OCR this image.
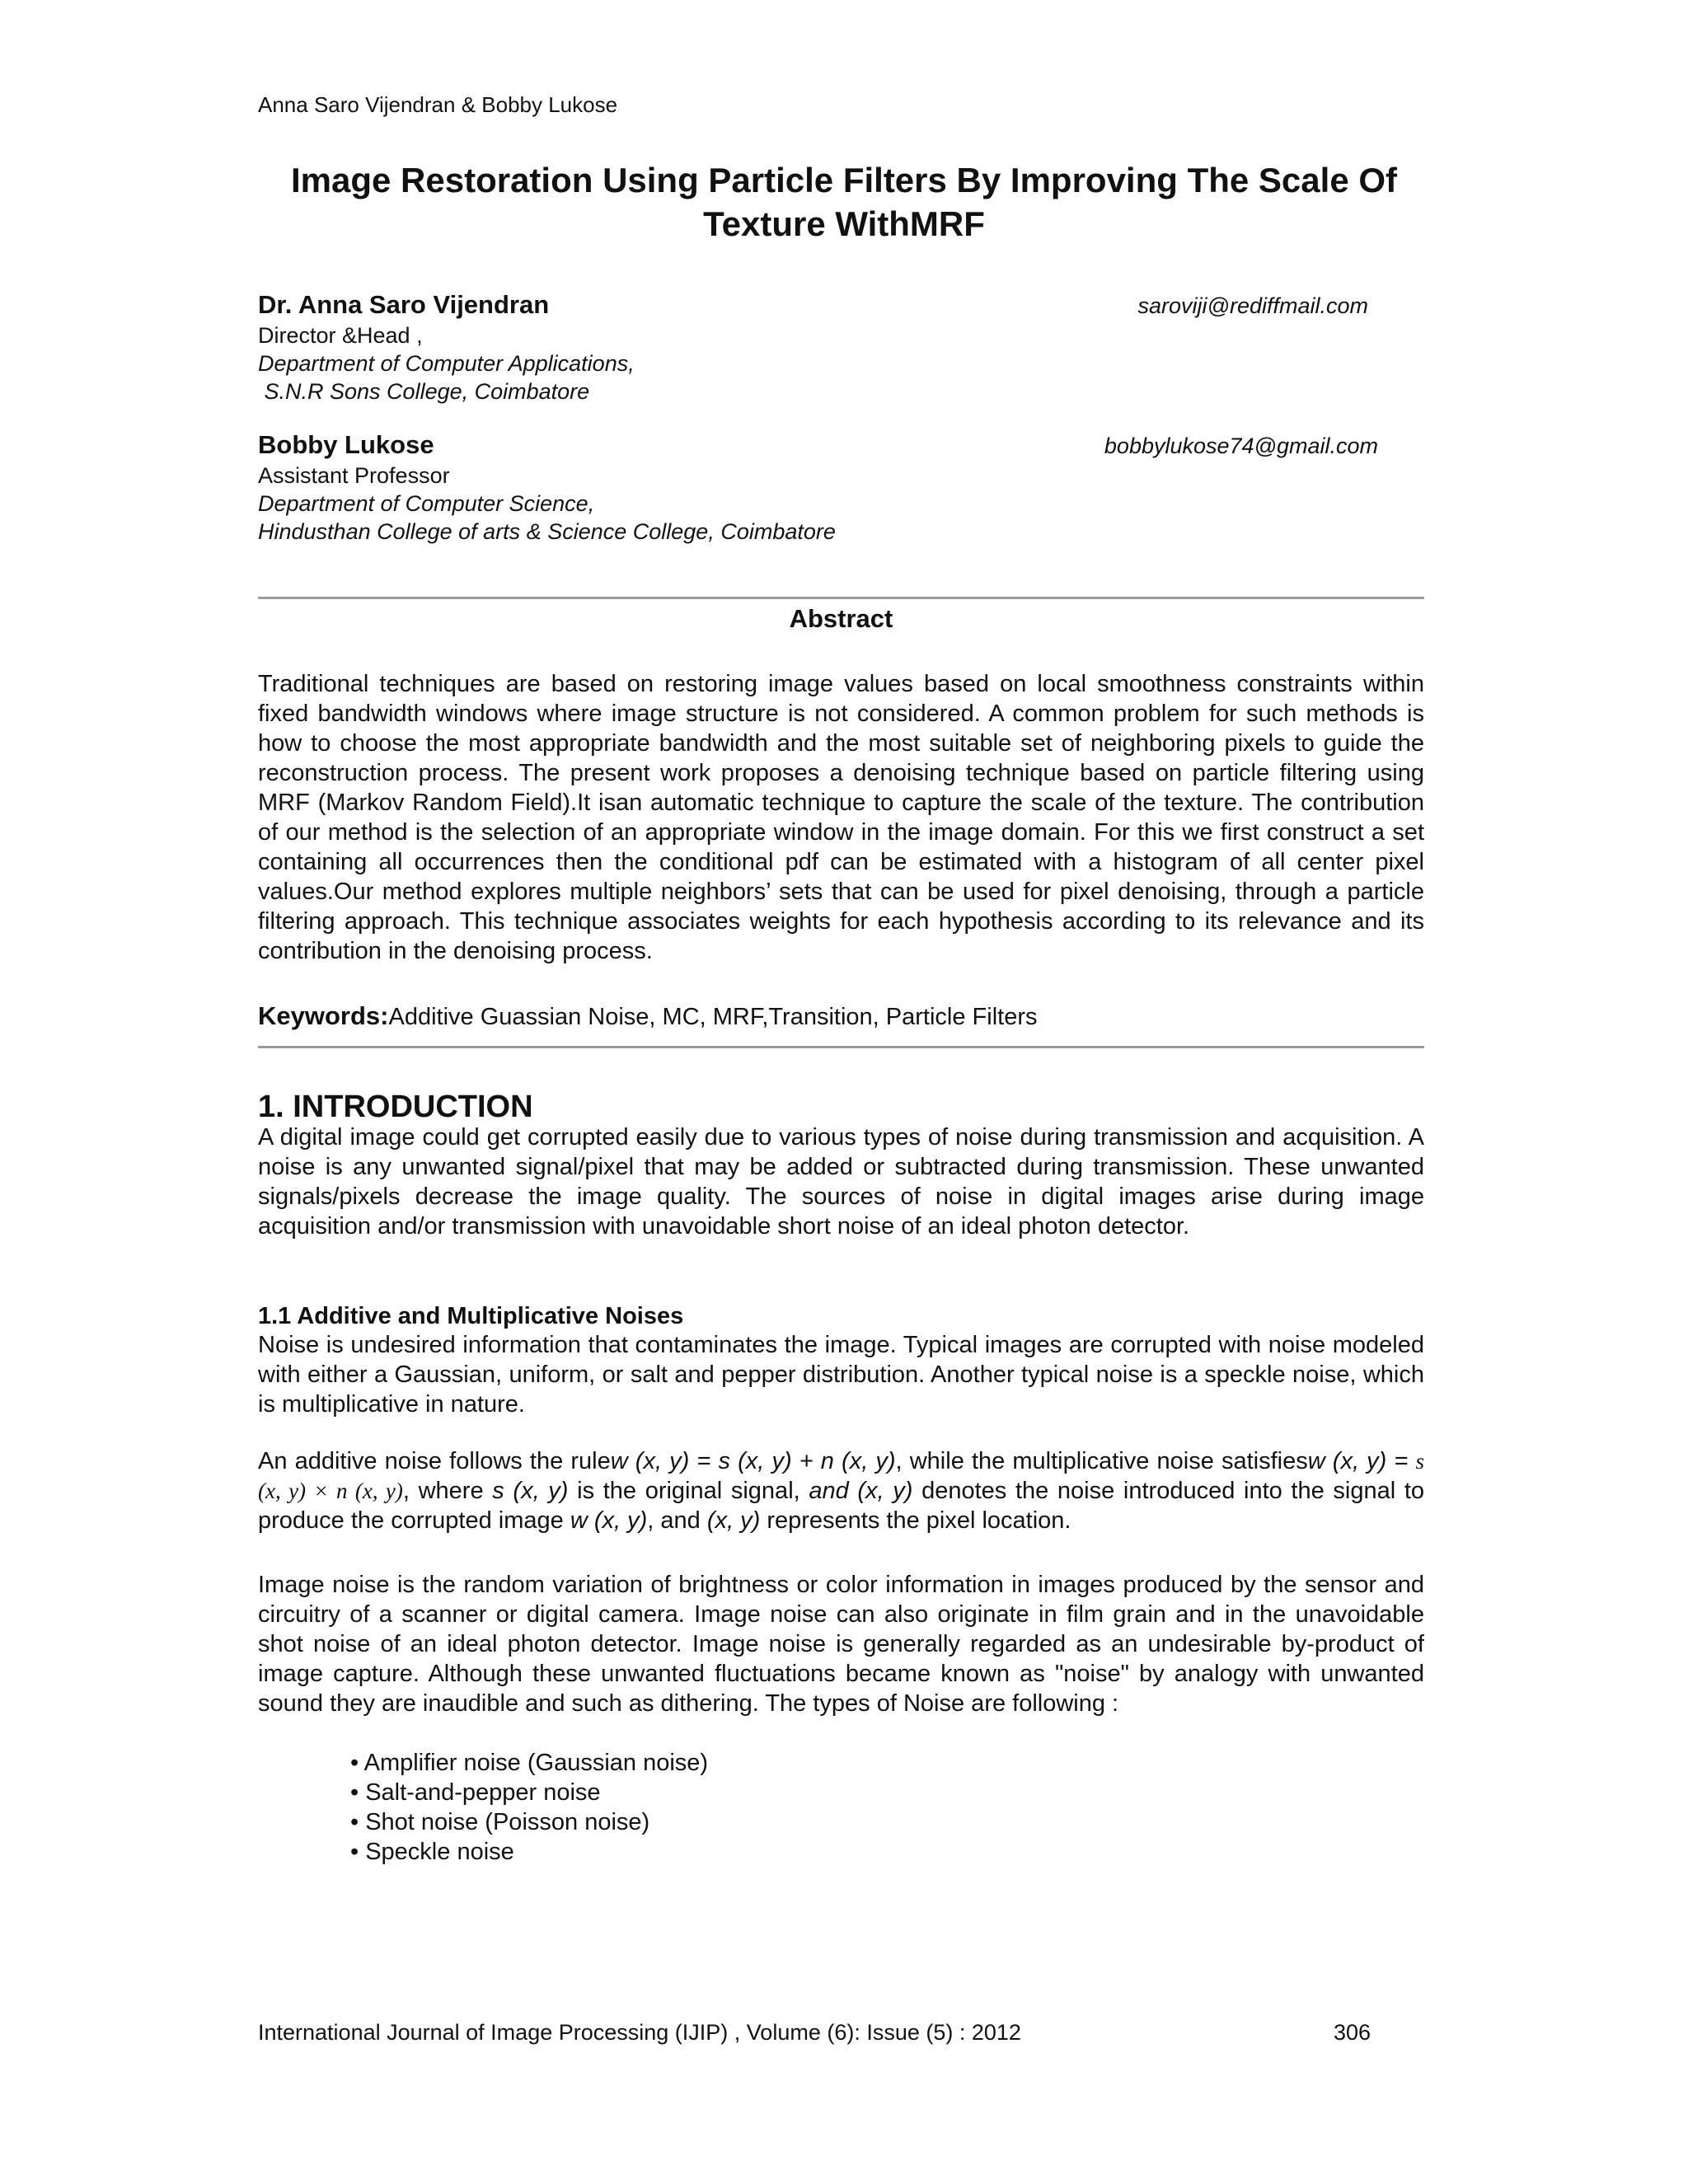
Anna Saro Vijendran & Bobby Lukose
Image Restoration Using Particle Filters By Improving The Scale Of
Texture WithMRF
Dr. Anna Saro Vijendran	saroviji@rediffmail.com
Director &Head ,
Department of Computer Applications,
S.N.R Sons College, Coimbatore
Bobby Lukose	bobbylukose74@gmail.com
Assistant Professor
Department of Computer Science,
Hindusthan College of arts & Science College, Coimbatore
Abstract
Traditional techniques are based on restoring image values based on local smoothness constraints within fixed bandwidth windows where image structure is not considered. A common problem for such methods is how to choose the most appropriate bandwidth and the most suitable set of neighboring pixels to guide the reconstruction process. The present work proposes a denoising technique based on particle filtering using MRF (Markov Random Field).It isan automatic technique to capture the scale of the texture. The contribution of our method is the selection of an appropriate window in the image domain. For this we first construct a set containing all occurrences then the conditional pdf can be estimated with a histogram of all center pixel values.Our method explores multiple neighbors’ sets that can be used for pixel denoising, through a particle filtering approach. This technique associates weights for each hypothesis according to its relevance and its contribution in the denoising process.
Keywords:Additive Guassian Noise, MC, MRF,Transition, Particle Filters
1. INTRODUCTION
A digital image could get corrupted easily due to various types of noise during transmission and acquisition. A noise is any unwanted signal/pixel that may be added or subtracted during transmission. These unwanted signals/pixels decrease the image quality. The sources of noise in digital images arise during image acquisition and/or transmission with unavoidable short noise of an ideal photon detector.
1.1 Additive and Multiplicative Noises
Noise is undesired information that contaminates the image. Typical images are corrupted with noise modeled with either a Gaussian, uniform, or salt and pepper distribution. Another typical noise is a speckle noise, which is multiplicative in nature.
An additive noise follows the rulew (x, y) = s (x, y) + n (x, y), while the multiplicative noise satisfiesw (x, y) = s (x, y) × n (x, y), where s (x, y) is the original signal, and (x, y) denotes the noise introduced into the signal to produce the corrupted image w (x, y), and (x, y) represents the pixel location.
Image noise is the random variation of brightness or color information in images produced by the sensor and circuitry of a scanner or digital camera. Image noise can also originate in film grain and in the unavoidable shot noise of an ideal photon detector. Image noise is generally regarded as an undesirable by-product of image capture. Although these unwanted fluctuations became known as "noise" by analogy with unwanted sound they are inaudible and such as dithering. The types of Noise are following :
• Amplifier noise (Gaussian noise)
• Salt-and-pepper noise
• Shot noise (Poisson noise)
• Speckle noise
International Journal of Image Processing (IJIP) , Volume (6): Issue (5) : 2012	306
